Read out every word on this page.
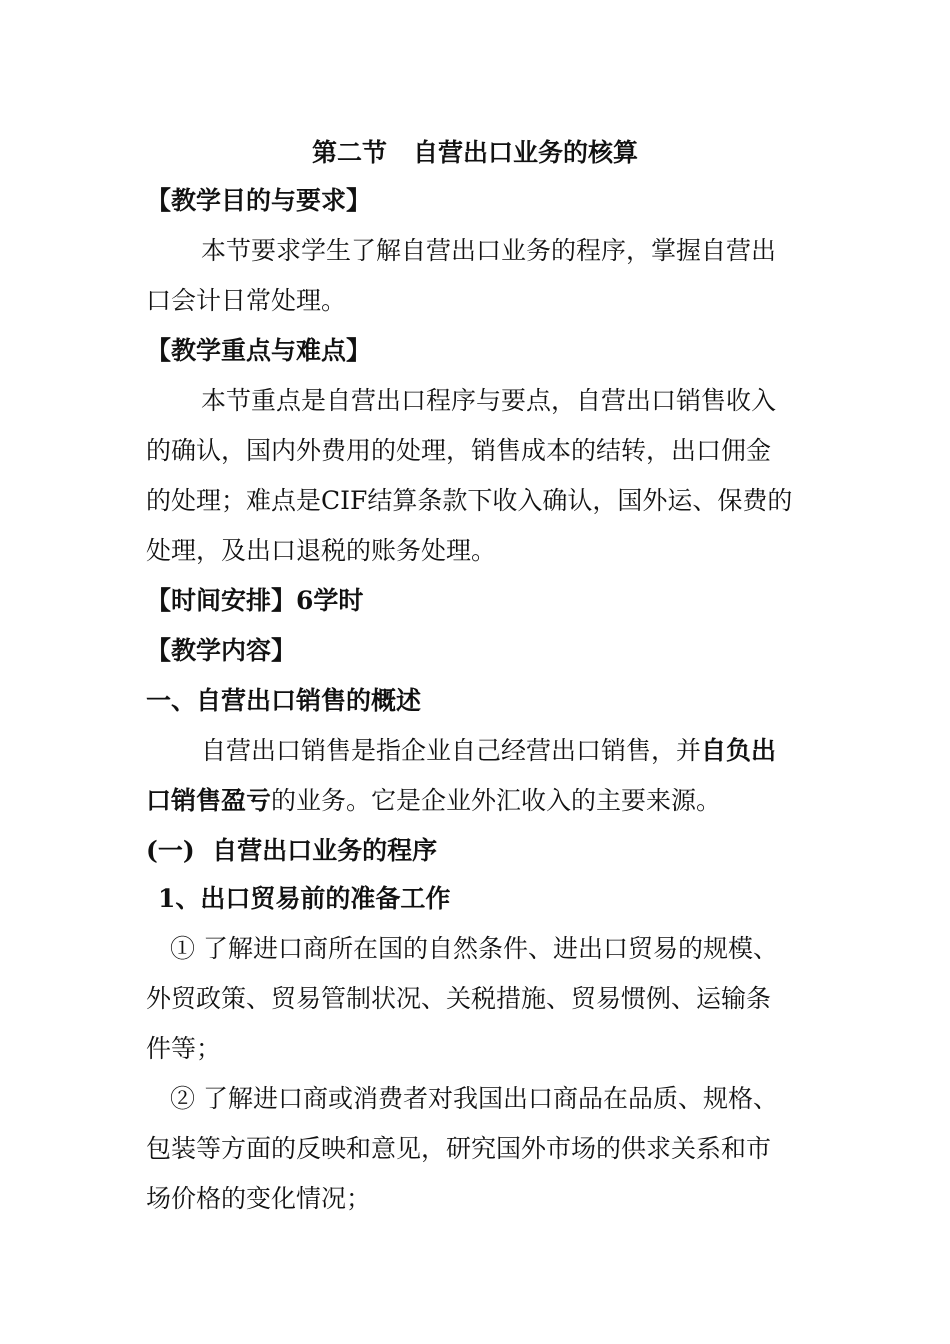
第二节 自营出口业务的核算
【教学目的与要求】
本节要求学生了解自营出口业务的程序，掌握自营出
口会计日常处理。
【教学重点与难点】
本节重点是自营出口程序与要点，自营出口销售收入
的确认，国内外费用的处理，销售成本的结转，出口佣金
的处理；难点是CIF结算条款下收入确认，国外运、保费的
处理，及出口退税的账务处理。
【时间安排】6学时
【教学内容】
一、自营出口销售的概述
自营出口销售是指企业自己经营出口销售，并自负出
口销售盈亏的业务。它是企业外汇收入的主要来源。
(一)  自营出口业务的程序
1、出口贸易前的准备工作
① 了解进口商所在国的自然条件、进出口贸易的规模、
外贸政策、贸易管制状况、关税措施、贸易惯例、运输条
件等；
② 了解进口商或消费者对我国出口商品在品质、规格、
包装等方面的反映和意见，研究国外市场的供求关系和市
场价格的变化情况；
